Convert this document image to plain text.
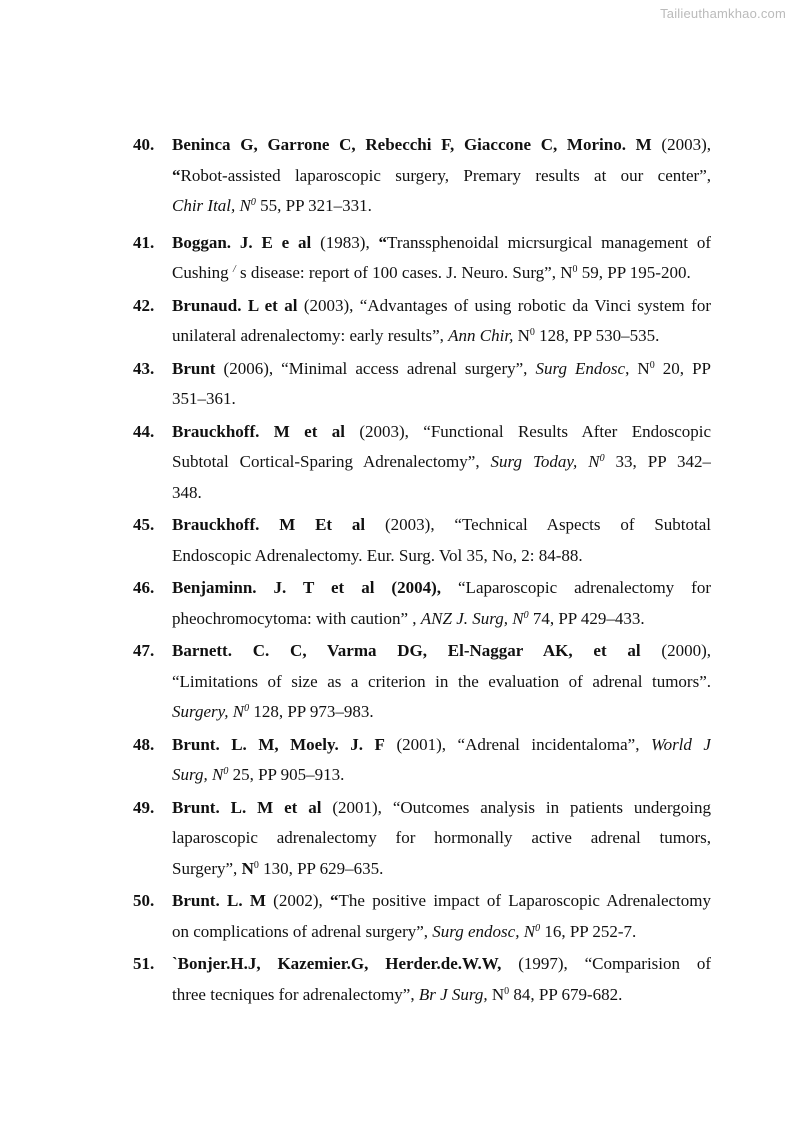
Tailieuthamkhao.com
40. Beninca G, Garrone C, Rebecchi F, Giaccone C, Morino. M (2003),
“Robot-assisted laparoscopic surgery, Premary results at our center”,
Chir Ital, $N^0$ 55, PP 321–331.
41. Boggan. J. E e al (1983), “Transsphenoidal micrsurgical management of
Cushing / s disease: report of 100 cases. J. Neuro. Surg”, $N^0$ 59, PP 195-200.
42. Brunaud. L et al (2003), “Advantages of using robotic da Vinci system for
unilateral adrenalectomy: early results”, Ann Chir, $N^0$ 128, PP 530–535.
43. Brunt (2006), “Minimal access adrenal surgery”, Surg Endosc, $N^0$ 20, PP
351–361.
44. Brauckhoff. M et al (2003), “Functional Results After Endoscopic
Subtotal Cortical-Sparing Adrenalectomy”, Surg Today, $N^0$ 33, PP 342–
348.
45. Brauckhoff. M Et al (2003), “Technical Aspects of Subtotal
Endoscopic Adrenalectomy. Eur. Surg. Vol 35, No, 2: 84-88.
46. Benjaminn. J. T et al (2004), “Laparoscopic adrenalectomy for
pheochromocytoma: with caution” , ANZ J. Surg, $N^0$ 74, PP 429–433.
47. Barnett. C. C, Varma DG, El-Naggar AK, et al (2000),
“Limitations of size as a criterion in the evaluation of adrenal tumors”.
Surgery, $N^0$ 128, PP 973–983.
48. Brunt. L. M, Moely. J. F (2001), “Adrenal incidentaloma”, World J
Surg, $N^0$ 25, PP 905–913.
49. Brunt. L. M et al (2001), “Outcomes analysis in patients undergoing
laparoscopic adrenalectomy for hormonally active adrenal tumors,
Surgery”, $N^0$ 130, PP 629–635.
50. Brunt. L. M (2002), “The positive impact of Laparoscopic Adrenalectomy
on complications of adrenal surgery”, Surg endosc, $N^0$ 16, PP 252-7.
51. `Bonjer.H.J, Kazemier.G, Herder.de.W.W, (1997), “Comparision of
three tecniques for adrenalectomy”, Br J Surg, $N^0$ 84, PP 679-682.
